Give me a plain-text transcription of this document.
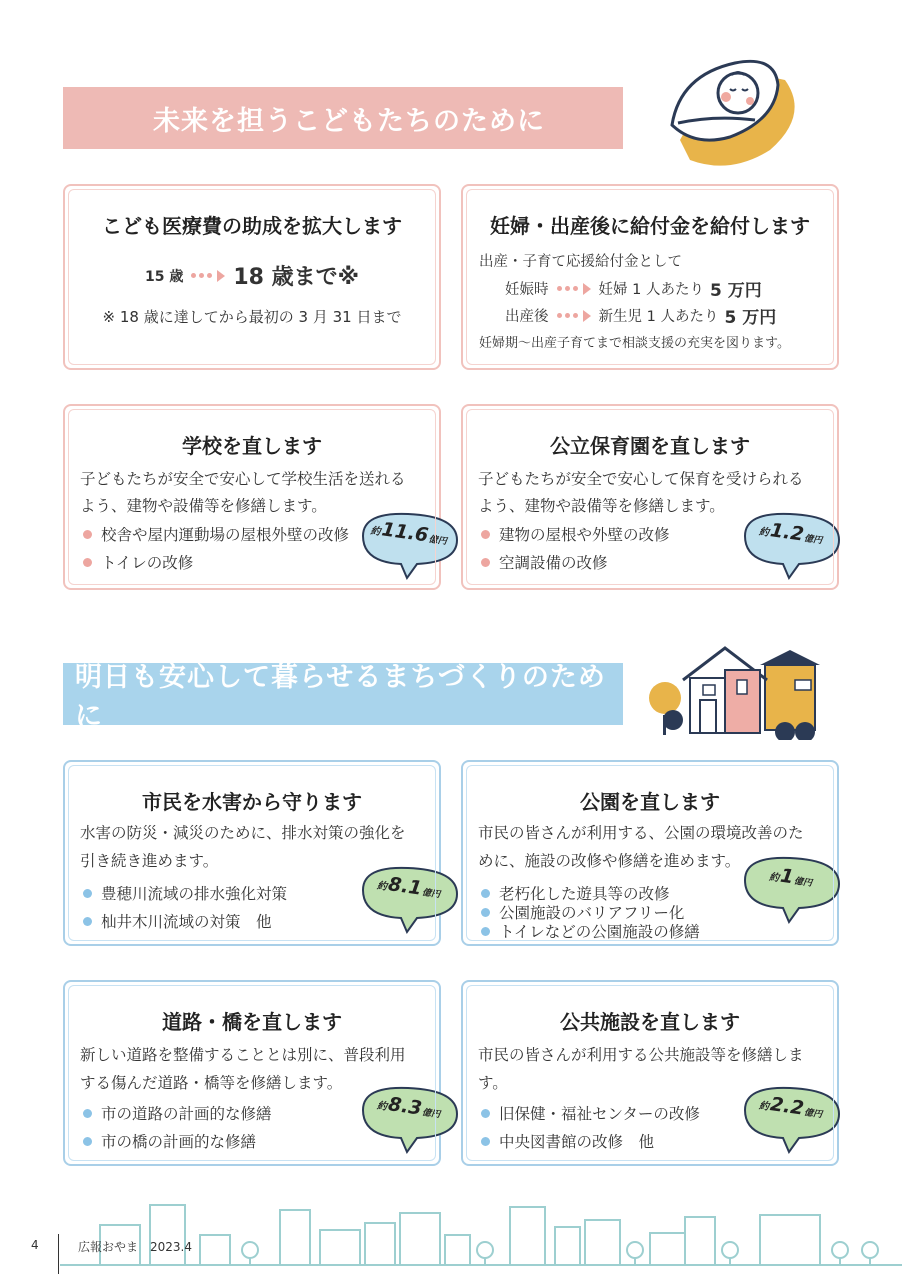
未来を担うこどもたちのために
こども医療費の助成を拡大します
15 歳 18 歳まで※
※ 18 歳に達してから最初の 3 月 31 日まで
妊婦・出産後に給付金を給付します
出産・子育て応援給付金として
妊娠時	妊婦 1 人あたり 5 万円
出産後	新生児 1 人あたり 5 万円
妊婦期～出産子育てまで相談支援の充実を図ります。
学校を直します
子どもたちが安全で安心して学校生活を送れる
よう、建物や設備等を修繕します。
校舎や屋内運動場の屋根外壁の改修
トイレの改修
約11.6億円
公立保育園を直します
子どもたちが安全で安心して保育を受けられる
よう、建物や設備等を修繕します。
建物の屋根や外壁の改修
空調設備の改修
約1.2億円
明日も安心して暮らせるまちづくりのために
市民を水害から守ります
水害の防災・減災のために、排水対策の強化を
引き続き進めます。
豊穂川流域の排水強化対策
杣井木川流域の対策　他
約8.1億円
公園を直します
市民の皆さんが利用する、公園の環境改善のた
めに、施設の改修や修繕を進めます。
老朽化した遊具等の改修
公園施設のバリアフリー化
トイレなどの公園施設の修繕
約1億円
道路・橋を直します
新しい道路を整備することとは別に、普段利用
する傷んだ道路・橋等を修繕します。
市の道路の計画的な修繕
市の橋の計画的な修繕
約8.3億円
公共施設を直します
市民の皆さんが利用する公共施設等を修繕しま
す。
旧保健・福祉センターの改修
中央図書館の改修　他
約2.2億円
4	広報おやま　2023.4
